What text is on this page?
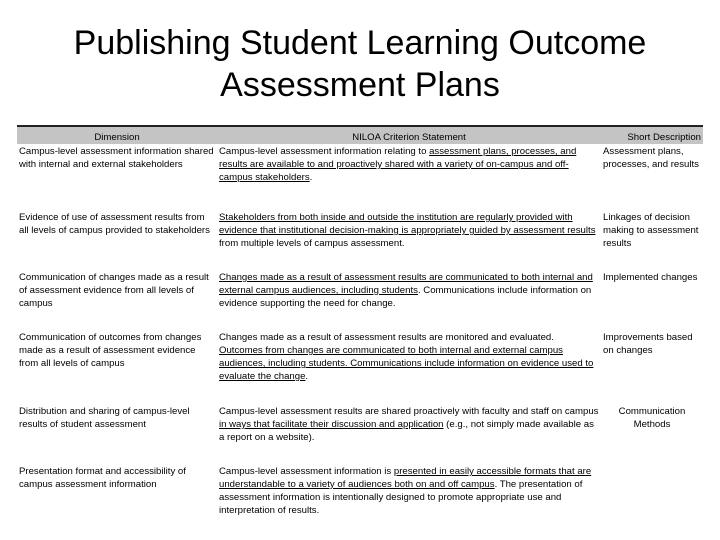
Publishing Student Learning Outcome
Assessment Plans
Dimension	NILOA Criterion Statement	Short Description
Campus-level assessment information shared with internal and external stakeholders	Campus-level assessment information relating to assessment plans, processes, and results are available to and proactively shared with a variety of on-campus and off-campus stakeholders.	Assessment plans, processes, and results
Evidence of use of assessment results from all levels of campus provided to stakeholders	Stakeholders from both inside and outside the institution are regularly provided with evidence that institutional decision-making is appropriately guided by assessment results from multiple levels of campus assessment.	Linkages of decision making to assessment results
Communication of changes made as a result of assessment evidence from all levels of campus	Changes made as a result of assessment results are communicated to both internal and external campus audiences, including students. Communications include information on evidence supporting the need for change.	Implemented changes
Communication of outcomes from changes made as a result of assessment evidence from all levels of campus	Changes made as a result of assessment results are monitored and evaluated. Outcomes from changes are communicated to both internal and external campus audiences, including students. Communications include information on evidence used to evaluate the change.	Improvements based on changes
Distribution and sharing of campus-level results of student assessment	Campus-level assessment results are shared proactively with faculty and staff on campus in ways that facilitate their discussion and application (e.g., not simply made available as a report on a website).	Communication Methods
Presentation format and accessibility of campus assessment information	Campus-level assessment information is presented in easily accessible formats that are understandable to a variety of audiences both on and off campus. The presentation of assessment information is intentionally designed to promote appropriate use and interpretation of results.	
